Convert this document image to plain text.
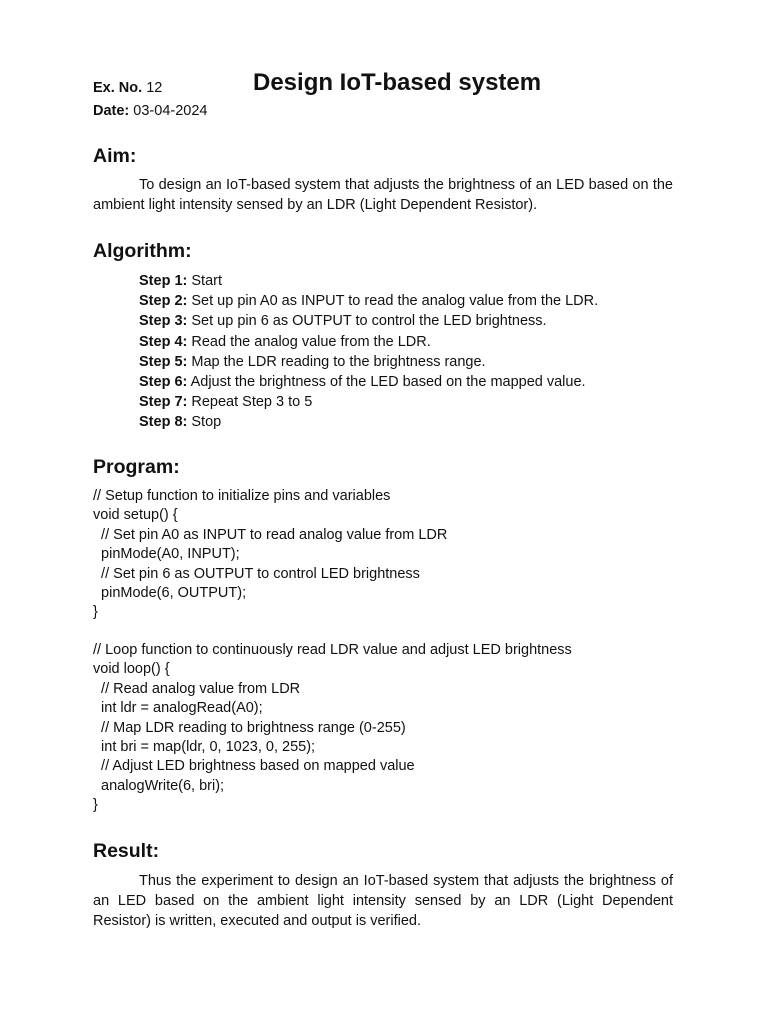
Ex. No. 12
Date: 03-04-2024
Design IoT-based system
Aim:

To design an IoT-based system that adjusts the brightness of an LED based on the ambient light intensity sensed by an LDR (Light Dependent Resistor).

Algorithm:
Step 1: Start
Step 2: Set up pin A0 as INPUT to read the analog value from the LDR.
Step 3: Set up pin 6 as OUTPUT to control the LED brightness.
Step 4: Read the analog value from the LDR.
Step 5: Map the LDR reading to the brightness range.
Step 6: Adjust the brightness of the LED based on the mapped value.
Step 7: Repeat Step 3 to 5
Step 8: Stop
Program:
// Setup function to initialize pins and variables
void setup() {
// Set pin A0 as INPUT to read analog value from LDR
pinMode(A0, INPUT);
// Set pin 6 as OUTPUT to control LED brightness
pinMode(6, OUTPUT);
}
// Loop function to continuously read LDR value and adjust LED brightness
void loop() {
// Read analog value from LDR
int ldr = analogRead(A0);
// Map LDR reading to brightness range (0-255)
int bri = map(ldr, 0, 1023, 0, 255);
// Adjust LED brightness based on mapped value
analogWrite(6, bri);
}
Result:

Thus the experiment to design an IoT-based system that adjusts the brightness of an LED based on the ambient light intensity sensed by an LDR (Light Dependent Resistor) is written, executed and output is verified.
